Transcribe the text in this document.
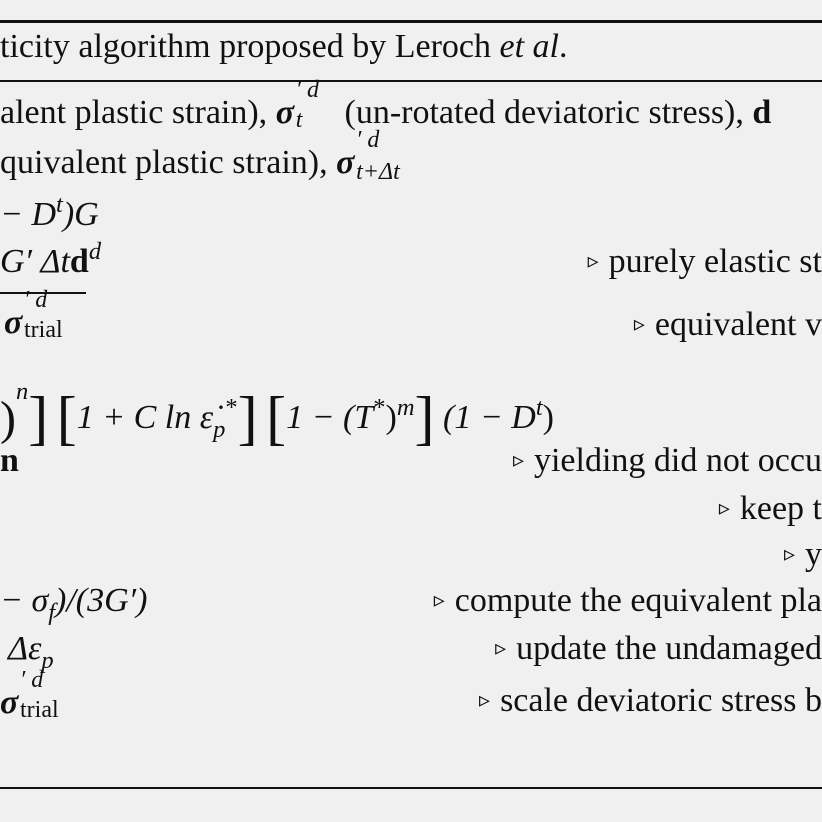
ticity algorithm proposed by Leroch et al.
alent plastic strain), σ
′ d
t (un-rotated deviatoric stress), d
quivalent plastic strain), σ
′ d
t+Δt
− $D^t)G$
G′ Δtd$^d$	▹ purely elastic st
σ
′ d
trial	▹ equivalent v
)$^n$] [1 + C $\ln \varepsiloṅ_p^*$] $[1 - (T^*)^m]$ $(1 - D^t)$
n	▹ yielding did not occu
▹ keep t
▹ y
− $\sigma_f)/(3G')$	▹ compute the equivalent pla
$\Delta\varepsilon_p$	▹ update the undamaged
σ
′ d
trial	▹ scale deviatoric stress b
